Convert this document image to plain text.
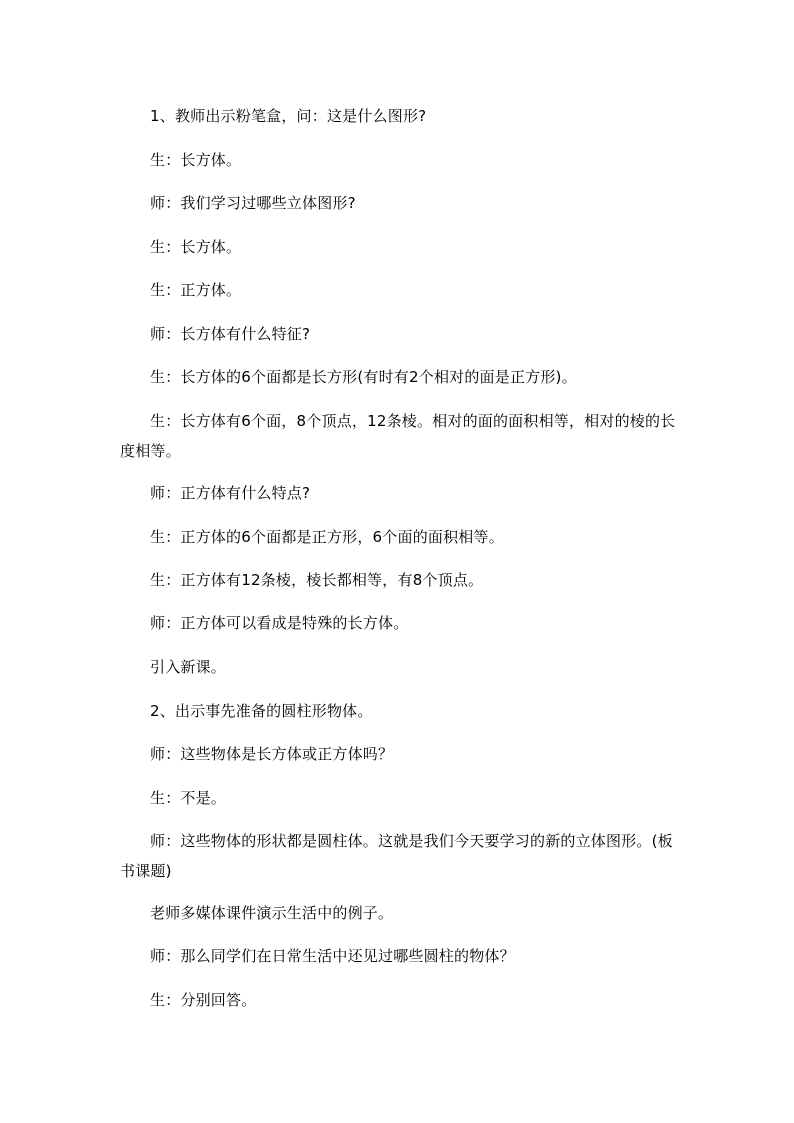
1、教师出示粉笔盒，问：这是什么图形?

生：长方体。

师：我们学习过哪些立体图形?

生：长方体。

生：正方体。

师：长方体有什么特征?

生：长方体的6个面都是长方形(有时有2个相对的面是正方形)。

生：长方体有6个面，8个顶点，12条棱。相对的面的面积相等，相对的棱的长度相等。

师：正方体有什么特点?

生：正方体的6个面都是正方形，6个面的面积相等。

生：正方体有12条棱，棱长都相等，有8个顶点。

师：正方体可以看成是特殊的长方体。

引入新课。

2、出示事先准备的圆柱形物体。

师：这些物体是长方体或正方体吗？

生：不是。

师：这些物体的形状都是圆柱体。这就是我们今天要学习的新的立体图形。(板书课题)

老师多媒体课件演示生活中的例子。

师：那么同学们在日常生活中还见过哪些圆柱的物体？

生：分别回答。
